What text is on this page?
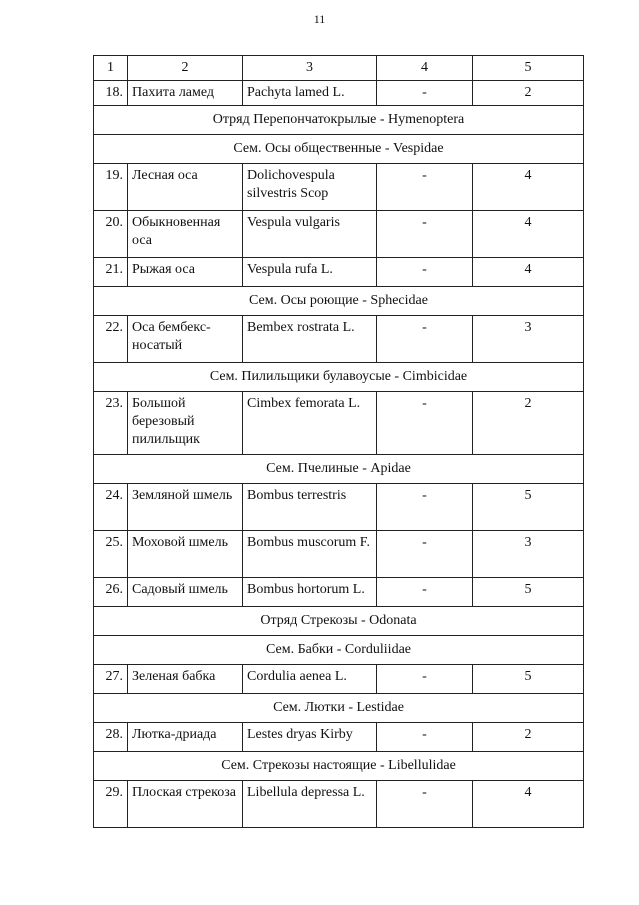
11
1	2	3	4	5
18.	Пахита ламед	Pachyta lamed L.	-	2
Отряд Перепончатокрылые - Hymenoptera				
Сем. Осы общественные - Vespidae				
19.	Лесная оса	Dolichovespula silvestris Scop	-	4
20.	Обыкновенная оса	Vespula vulgaris	-	4
21.	Рыжая оса	Vespula rufa L.	-	4
Сем. Осы роющие - Sphecidae				
22.	Оса бембекс-носатый	Bembex rostrata L.	-	3
Сем. Пилильщики булавоусые - Cimbicidae				
23.	Большой березовый пилильщик	Cimbex femorata L.	-	2
Сем. Пчелиные - Apidae				
24.	Земляной шмель	Bombus terrestris	-	5
25.	Моховой шмель	Bombus muscorum F.	-	3
26.	Садовый шмель	Bombus hortorum L.	-	5
Отряд Стрекозы - Odonata				
Сем. Бабки - Corduliidae				
27.	Зеленая бабка	Cordulia aenea L.	-	5
Сем. Лютки - Lestidae				
28.	Лютка-дриада	Lestes dryas Kirby	-	2
Сем. Стрекозы настоящие - Libellulidae				
29.	Плоская стрекоза	Libellula depressa L.	-	4
